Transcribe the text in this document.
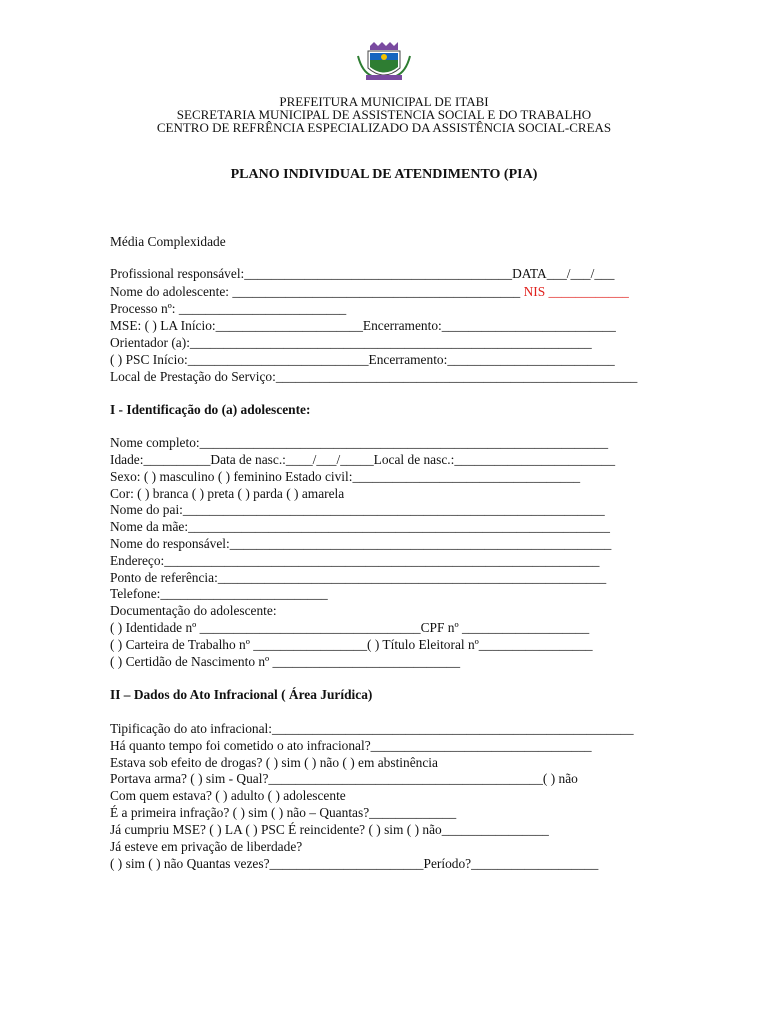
PREFEITURA MUNICIPAL DE ITABI
SECRETARIA MUNICIPAL DE ASSISTENCIA SOCIAL E DO TRABALHO
CENTRO DE REFRÊNCIA ESPECIALIZADO DA ASSISTÊNCIA SOCIAL-CREAS
PLANO INDIVIDUAL DE ATENDIMENTO (PIA)
Média Complexidade
Profissional responsável:________________________________________DATA___/___/___
Nome do adolescente: ___________________________________________ NIS ____________
Processo nº: _________________________
MSE: ( ) LA Início:______________________Encerramento:__________________________
Orientador (a):____________________________________________________________
( ) PSC Início:___________________________Encerramento:_________________________
Local de Prestação do Serviço:______________________________________________________
I - Identificação do (a) adolescente:
Nome completo:_____________________________________________________________
Idade:__________Data de nasc.:____/___/_____Local de nasc.:________________________
Sexo: ( ) masculino ( ) feminino Estado civil:__________________________________
Cor: ( ) branca ( ) preta ( ) parda ( ) amarela
Nome do pai:_______________________________________________________________
Nome da mãe:_______________________________________________________________
Nome do responsável:_________________________________________________________
Endereço:_________________________________________________________________
Ponto de referência:__________________________________________________________
Telefone:_________________________
Documentação do adolescente:
( ) Identidade nº _________________________________CPF nº ___________________
( ) Carteira de Trabalho nº _________________( ) Título Eleitoral nº_________________
( ) Certidão de Nascimento nº ____________________________
II – Dados do Ato Infracional ( Área Jurídica)
Tipificação do ato infracional:______________________________________________________
Há quanto tempo foi cometido o ato infracional?_________________________________
Estava sob efeito de drogas? ( ) sim ( ) não ( ) em abstinência
Portava arma? ( ) sim - Qual?_________________________________________( ) não
Com quem estava? ( ) adulto ( ) adolescente
É a primeira infração? ( ) sim ( ) não – Quantas?_____________
Já cumpriu MSE? ( ) LA ( ) PSC É reincidente? ( ) sim ( ) não________________
Já esteve em privação de liberdade?
( ) sim ( ) não Quantas vezes?_______________________Período?___________________
